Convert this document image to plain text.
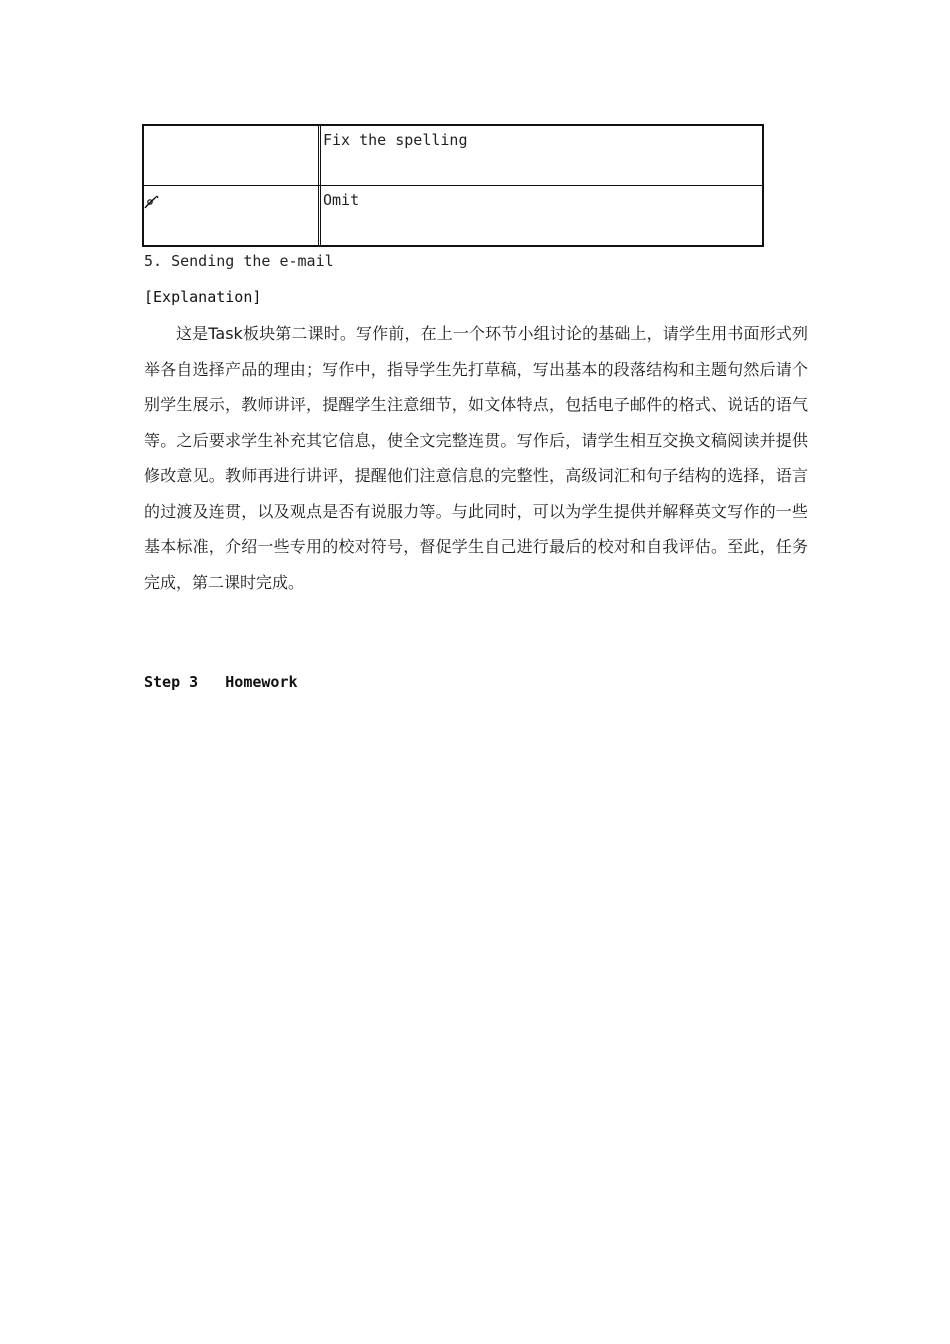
Fix the spelling
Omit
5. Sending the e-mail
[Explanation]

这是Task板块第二课时。写作前，在上一个环节小组讨论的基础上，请学生用书面形式列举各自选择产品的理由；写作中，指导学生先打草稿，写出基本的段落结构和主题句然后请个别学生展示，教师讲评，提醒学生注意细节，如文体特点，包括电子邮件的格式、说话的语气等。之后要求学生补充其它信息，使全文完整连贯。写作后，请学生相互交换文稿阅读并提供修改意见。教师再进行讲评，提醒他们注意信息的完整性，高级词汇和句子结构的选择，语言的过渡及连贯，以及观点是否有说服力等。与此同时，可以为学生提供并解释英文写作的一些基本标准，介绍一些专用的校对符号，督促学生自己进行最后的校对和自我评估。至此，任务完成，第二课时完成。

Step 3   Homework
